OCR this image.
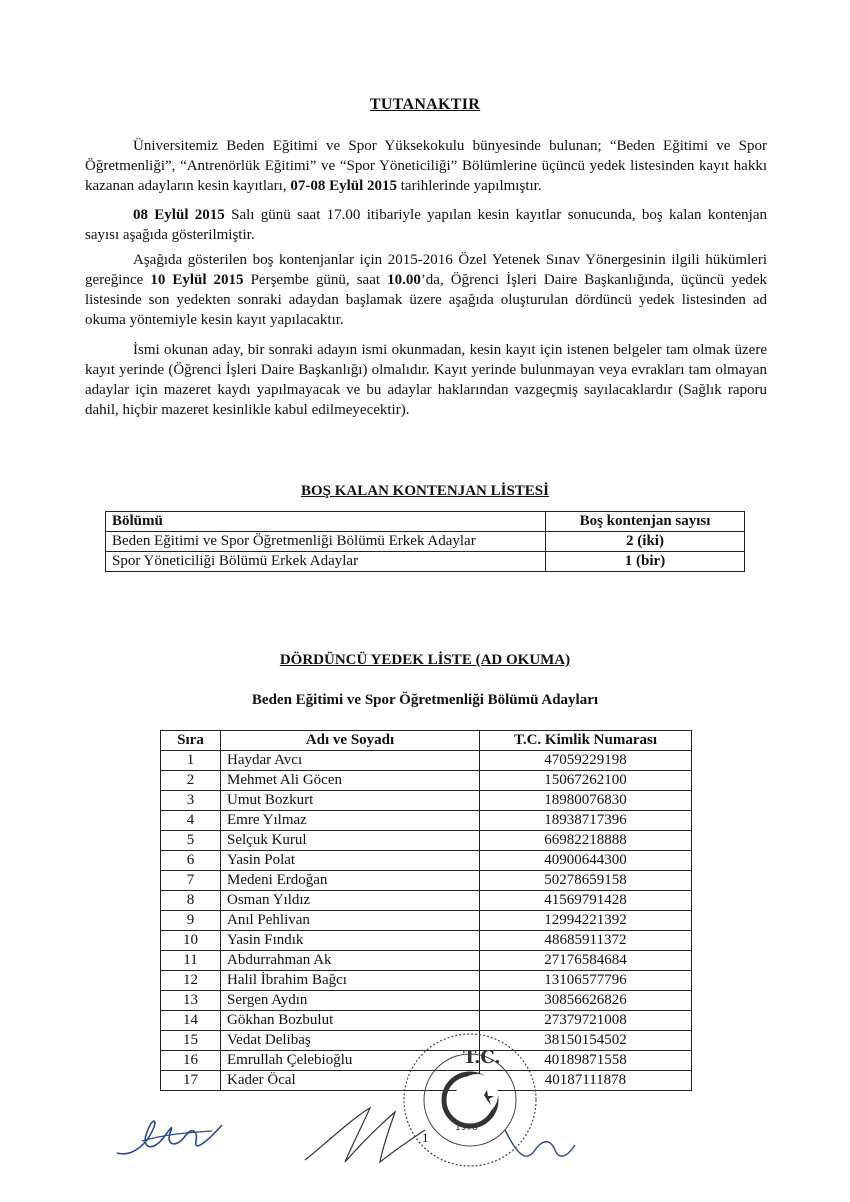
TUTANAKTIR

Üniversitemiz Beden Eğitimi ve Spor Yüksekokulu bünyesinde bulunan; “Beden Eğitimi ve Spor Öğretmenliği”, “Antrenörlük Eğitimi” ve “Spor Yöneticiliği” Bölümlerine üçüncü yedek listesinden kayıt hakkı kazanan adayların kesin kayıtları, 07-08 Eylül 2015 tarihlerinde yapılmıştır.

08 Eylül 2015 Salı günü saat 17.00 itibariyle yapılan kesin kayıtlar sonucunda, boş kalan kontenjan sayısı aşağıda gösterilmiştir.

Aşağıda gösterilen boş kontenjanlar için 2015-2016 Özel Yetenek Sınav Yönergesinin ilgili hükümleri gereğince 10 Eylül 2015 Perşembe günü, saat 10.00’da, Öğrenci İşleri Daire Başkanlığında, üçüncü yedek listesinde son yedekten sonraki adaydan başlamak üzere aşağıda oluşturulan dördüncü yedek listesinden ad okuma yöntemiyle kesin kayıt yapılacaktır.

İsmi okunan aday, bir sonraki adayın ismi okunmadan, kesin kayıt için istenen belgeler tam olmak üzere kayıt yerinde (Öğrenci İşleri Daire Başkanlığı) olmalıdır. Kayıt yerinde bulunmayan veya evrakları tam olmayan adaylar için mazeret kaydı yapılmayacak ve bu adaylar haklarından vazgeçmiş sayılacaklardır (Sağlık raporu dahil, hiçbir mazeret kesinlikle kabul edilmeyecektir).

BOŞ KALAN KONTENJAN LİSTESİ
Bölümü	Boş kontenjan sayısı
Beden Eğitimi ve Spor Öğretmenliği Bölümü Erkek Adaylar	2 (iki)
Spor Yöneticiliği Bölümü Erkek Adaylar	1 (bir)
DÖRDÜNCÜ YEDEK LİSTE (AD OKUMA)
Beden Eğitimi ve Spor Öğretmenliği Bölümü Adayları
Sıra	Adı ve Soyadı	T.C. Kimlik Numarası
1	Haydar Avcı	47059229198
2	Mehmet Ali Göcen	15067262100
3	Umut Bozkurt	18980076830
4	Emre Yılmaz	18938717396
5	Selçuk Kurul	66982218888
6	Yasin Polat	40900644300
7	Medeni Erdoğan	50278659158
8	Osman Yıldız	41569791428
9	Anıl Pehlivan	12994221392
10	Yasin Fındık	48685911372
11	Abdurrahman Ak	27176584684
12	Halil İbrahim Bağcı	13106577796
13	Sergen Aydın	30856626826
14	Gökhan Bozbulut	27379721008
15	Vedat Delibaş	38150154502
16	Emrullah Çelebioğlu	40189871558
17	Kader Öcal	40187111878
T.C.
1978
1
